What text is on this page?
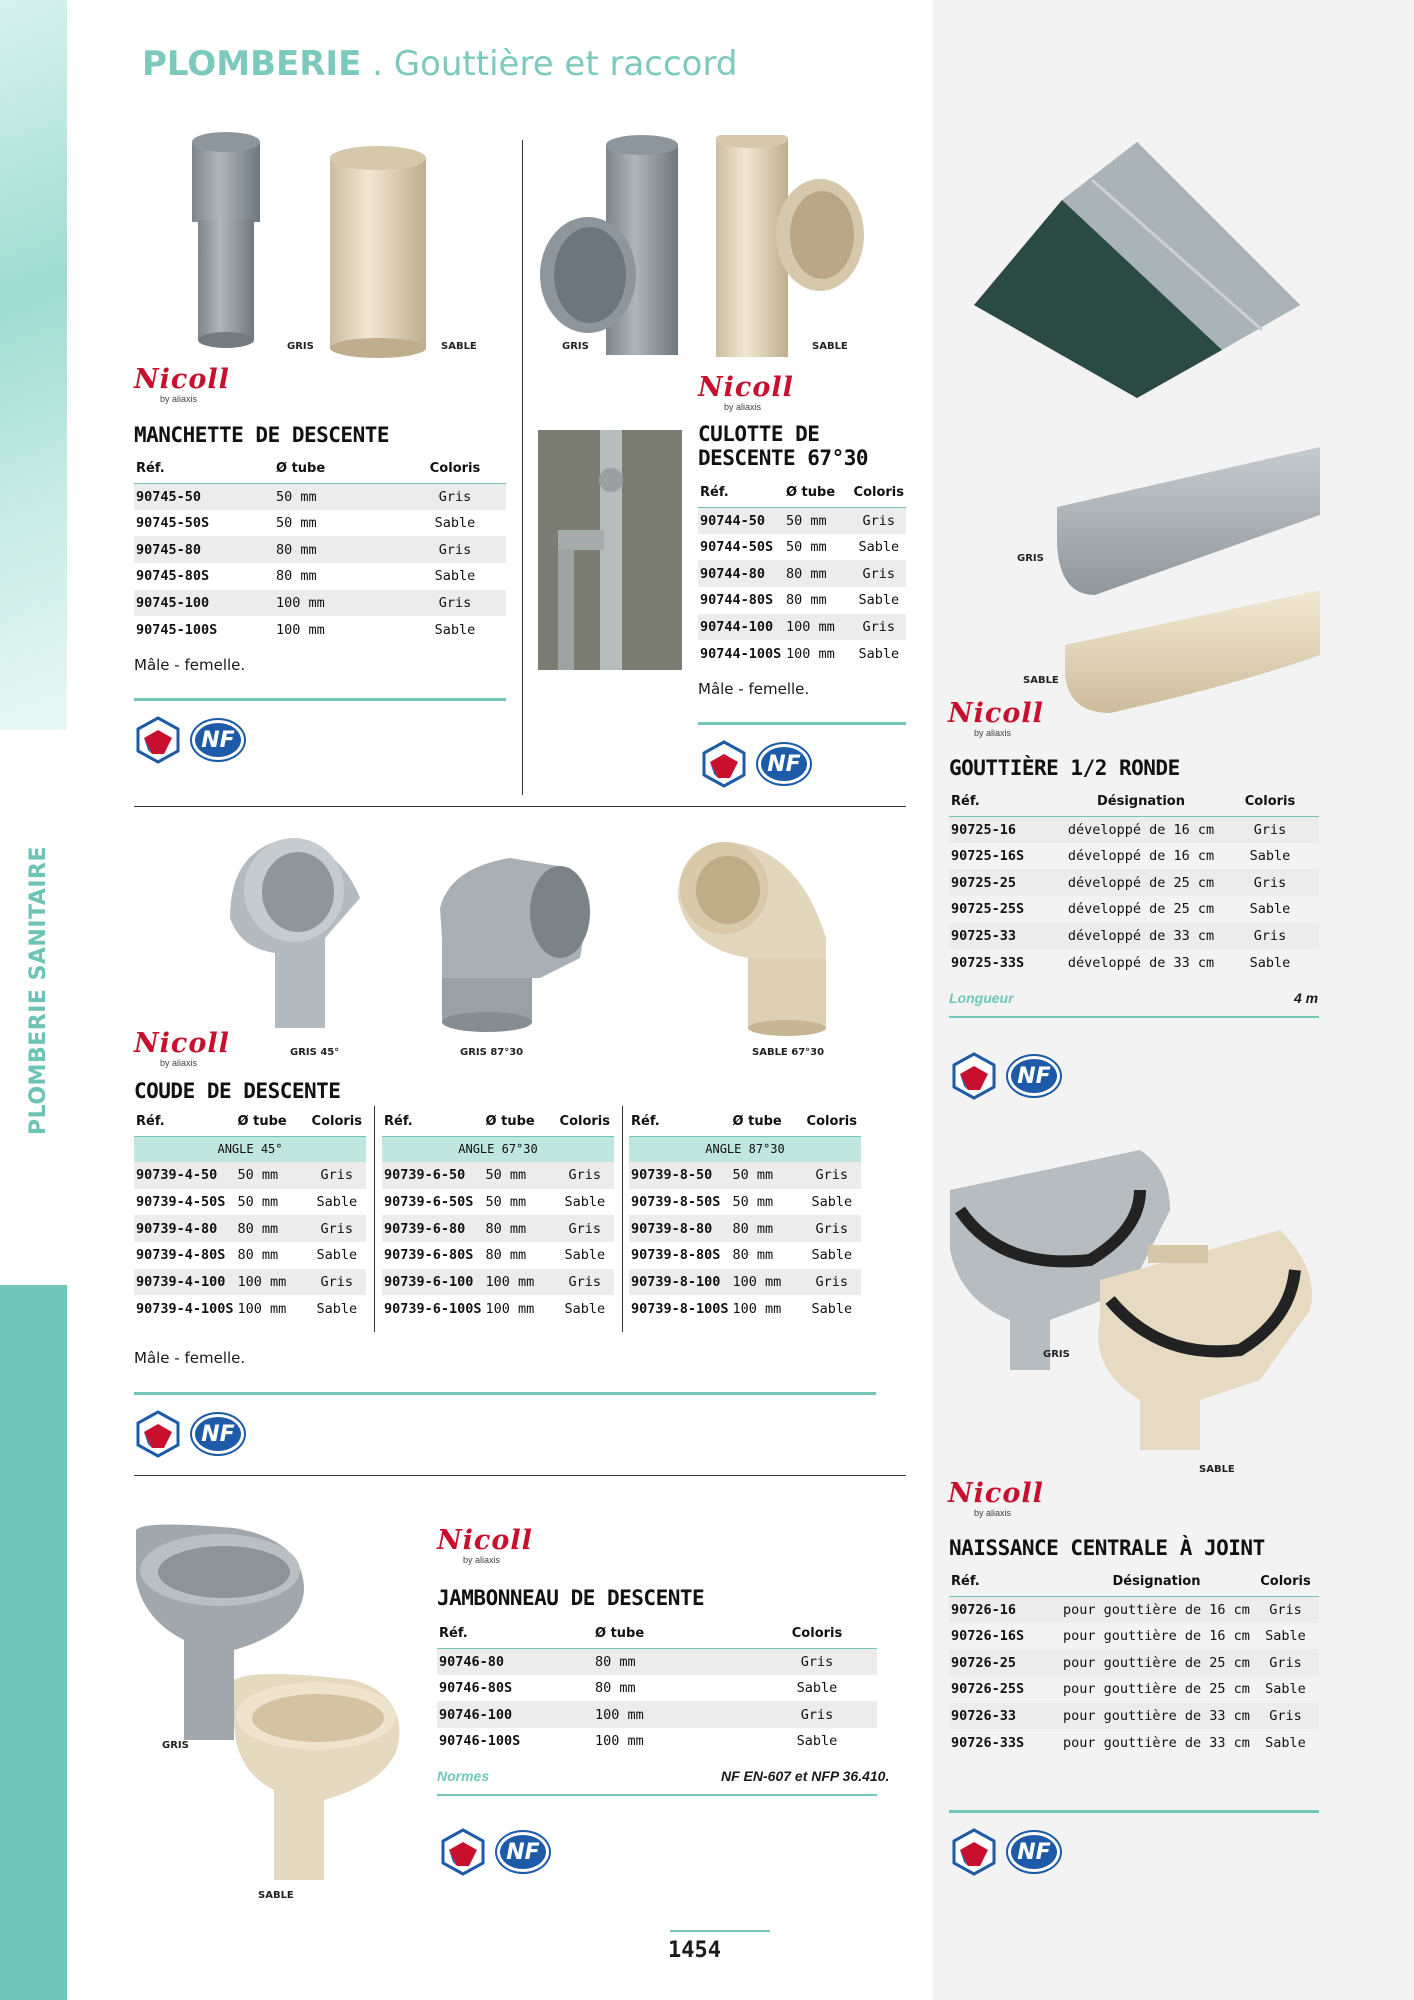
PLOMBERIE SANITAIRE
PLOMBERIE . Gouttière et raccord
GRIS	SABLE
Nicoll
by aliaxis
MANCHETTE DE DESCENTE
Réf.	Ø tube	Coloris
90745-50	50 mm	Gris
90745-50S	50 mm	Sable
90745-80	80 mm	Gris
90745-80S	80 mm	Sable
90745-100	100 mm	Gris
90745-100S	100 mm	Sable
Mâle - femelle.
NF
GRIS	SABLE
Nicoll
by aliaxis
CULOTTE DE
DESCENTE 67°30
Réf.	Ø tube	Coloris
90744-50	50 mm	Gris
90744-50S	50 mm	Sable
90744-80	80 mm	Gris
90744-80S	80 mm	Sable
90744-100	100 mm	Gris
90744-100S	100 mm	Sable
Mâle - femelle.
NF
GRIS
SABLE
Nicoll
by aliaxis
GOUTTIÈRE 1/2 RONDE
Réf.	Désignation	Coloris
90725-16	développé de 16 cm	Gris
90725-16S	développé de 16 cm	Sable
90725-25	développé de 25 cm	Gris
90725-25S	développé de 25 cm	Sable
90725-33	développé de 33 cm	Gris
90725-33S	développé de 33 cm	Sable
Longueur	4 m
NF
GRIS 45°	GRIS 87°30	SABLE 67°30
Nicoll
by aliaxis
COUDE DE DESCENTE
Réf.	Ø tube	Coloris
ANGLE 45°		
90739-4-50	50 mm	Gris
90739-4-50S	50 mm	Sable
90739-4-80	80 mm	Gris
90739-4-80S	80 mm	Sable
90739-4-100	100 mm	Gris
90739-4-100S	100 mm	Sable
Réf.	Ø tube	Coloris
ANGLE 67°30		
90739-6-50	50 mm	Gris
90739-6-50S	50 mm	Sable
90739-6-80	80 mm	Gris
90739-6-80S	80 mm	Sable
90739-6-100	100 mm	Gris
90739-6-100S	100 mm	Sable
Réf.	Ø tube	Coloris
ANGLE 87°30		
90739-8-50	50 mm	Gris
90739-8-50S	50 mm	Sable
90739-8-80	80 mm	Gris
90739-8-80S	80 mm	Sable
90739-8-100	100 mm	Gris
90739-8-100S	100 mm	Sable
Mâle - femelle.
NF
GRIS
SABLE
Nicoll
by aliaxis
NAISSANCE CENTRALE À JOINT
Réf.	Désignation	Coloris
90726-16	pour gouttière de 16 cm	Gris
90726-16S	pour gouttière de 16 cm	Sable
90726-25	pour gouttière de 25 cm	Gris
90726-25S	pour gouttière de 25 cm	Sable
90726-33	pour gouttière de 33 cm	Gris
90726-33S	pour gouttière de 33 cm	Sable
NF
GRIS
SABLE
Nicoll
by aliaxis
JAMBONNEAU DE DESCENTE
Réf.	Ø tube	Coloris
90746-80	80 mm	Gris
90746-80S	80 mm	Sable
90746-100	100 mm	Gris
90746-100S	100 mm	Sable
Normes	NF EN-607 et NFP 36.410.
NF
1454
